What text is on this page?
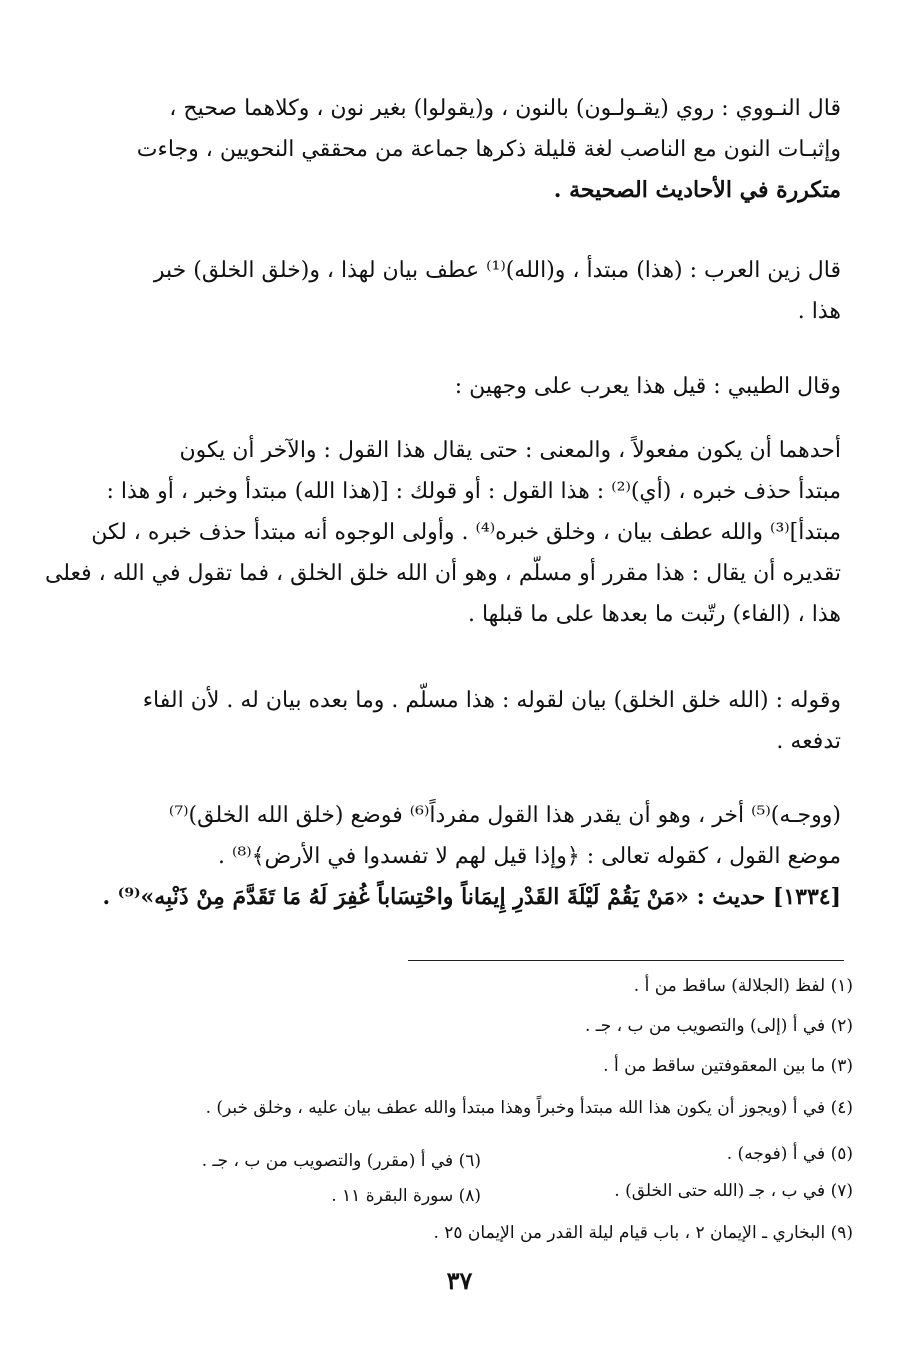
قال النـووي : روي (يقـولـون) بالنون ، و(يقولوا) بغير نون ، وكلاهما صحيح ،
وإثبـات النون مع الناصب لغة قليلة ذكرها جماعة من محققي النحويين ، وجاءت
متكررة في الأحاديث الصحيحة .
قال زين العرب : (هذا) مبتدأ ، و(الله)⁽¹⁾ عطف بيان لهذا ، و(خلق الخلق) خبر
هذا .
وقال الطيبي : قيل هذا يعرب على وجهين :
أحدهما أن يكون مفعولاً ، والمعنى : حتى يقال هذا القول : والآخر أن يكون
مبتدأ حذف خبره ، (أي)⁽²⁾ : هذا القول : أو قولك : [(هذا الله) مبتدأ وخبر ، أو هذا :
مبتدأ]⁽³⁾ والله عطف بيان ، وخلق خبره⁽⁴⁾ . وأولى الوجوه أنه مبتدأ حذف خبره ، لكن
تقديره أن يقال : هذا مقرر أو مسلّم ، وهو أن الله خلق الخلق ، فما تقول في الله ، فعلى
هذا ، (الفاء) رتّبت ما بعدها على ما قبلها .
وقوله : (الله خلق الخلق) بيان لقوله : هذا مسلّم . وما بعده بيان له . لأن الفاء
تدفعه .
(ووجـه)⁽⁵⁾ أخر ، وهو أن يقدر هذا القول مفرداً⁽⁶⁾ فوضع (خلق الله الخلق)⁽⁷⁾
موضع القول ، كقوله تعالى : ﴿وإذا قيل لهم لا تفسدوا في الأرض﴾⁽⁸⁾ .
[١٣٣٤] حديث : «مَنْ يَقُمْ لَيْلَةَ القَدْرِ إِيمَاناً واحْتِسَاباً غُفِرَ لَهُ مَا تَقَدَّمَ مِنْ ذَنْبِه»⁽⁹⁾ .
(١) لفظ (الجلالة) ساقط من أ .
(٢) في أ (إلى) والتصويب من ب ، جـ .
(٣) ما بين المعقوفتين ساقط من أ .
(٤) في أ (ويجوز أن يكون هذا الله مبتدأ وخبراً وهذا مبتدأ والله عطف بيان عليه ، وخلق خبر) .
(٥) في أ (فوجه) .
(٦) في أ (مقرر) والتصويب من ب ، جـ .
(٧) في ب ، جـ (الله حتى الخلق) .
(٨) سورة البقرة ١١ .
(٩) البخاري ـ الإيمان ٢ ، باب قيام ليلة القدر من الإيمان ٢٥ .
٣٧
